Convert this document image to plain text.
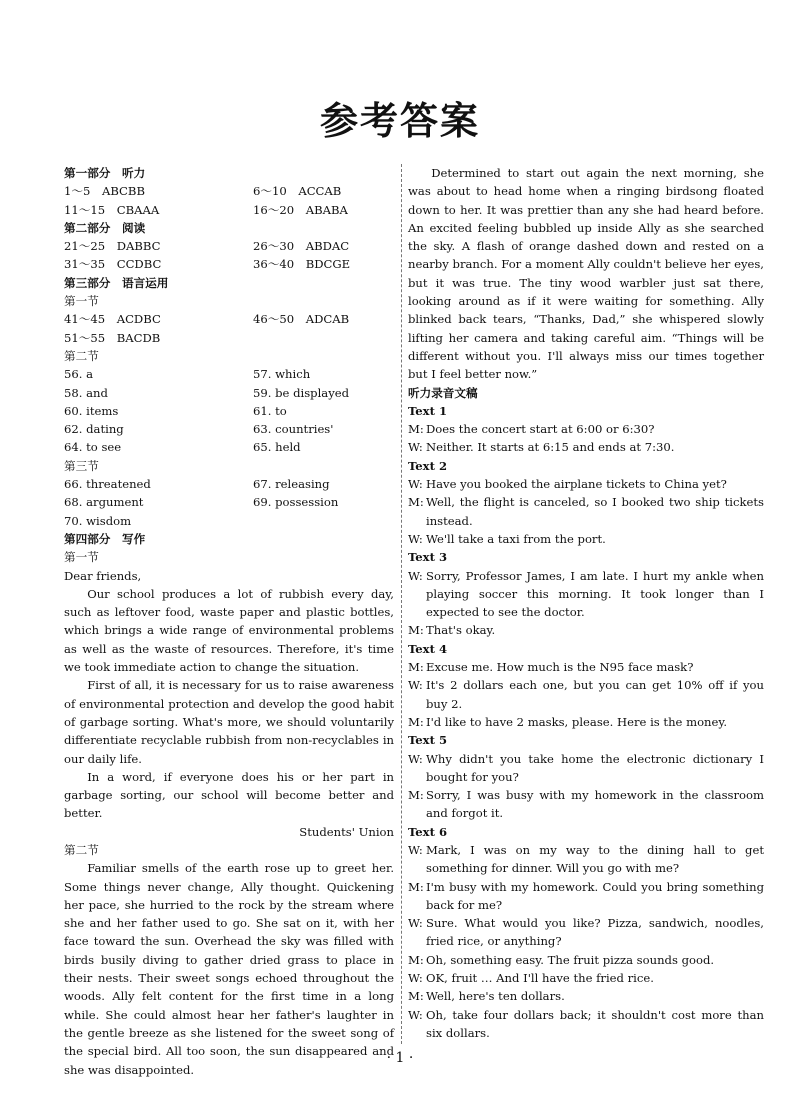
参考答案
第一部分　听力
1～5　ABCBB	6～10　ACCAB
11～15　CBAAA	16～20　ABABA
第二部分　阅读
21～25　DABBC	26～30　ABDAC
31～35　CCDBC	36～40　BDCGE
第三部分　语言运用
第一节
41～45　ACDBC	46～50　ADCAB
51～55　BACDB
第二节
56. a	57. which
58. and	59. be displayed
60. items	61. to
62. dating	63. countries'
64. to see	65. held
第三节
66. threatened	67. releasing
68. argument	69. possession
70. wisdom
第四部分　写作
第一节
Dear friends,
Our school produces a lot of rubbish every day, such as leftover food, waste paper and plastic bottles, which brings a wide range of environmental problems as well as the waste of resources. Therefore, it's time we took immediate action to change the situation.
First of all, it is necessary for us to raise awareness of environmental protection and develop the good habit of garbage sorting. What's more, we should voluntarily differentiate recyclable rubbish from non-recyclables in our daily life.
In a word, if everyone does his or her part in garbage sorting, our school will become better and better.
Students' Union
第二节
Familiar smells of the earth rose up to greet her. Some things never change, Ally thought. Quickening her pace, she hurried to the rock by the stream where she and her father used to go. She sat on it, with her face toward the sun. Overhead the sky was filled with birds busily diving to gather dried grass to place in their nests. Their sweet songs echoed throughout the woods. Ally felt content for the first time in a long while. She could almost hear her father's laughter in the gentle breeze as she listened for the sweet song of the special bird. All too soon, the sun disappeared and she was disappointed.
Determined to start out again the next morning, she was about to head home when a ringing birdsong floated down to her. It was prettier than any she had heard before. An excited feeling bubbled up inside Ally as she searched the sky. A flash of orange dashed down and rested on a nearby branch. For a moment Ally couldn't believe her eyes, but it was true. The tiny wood warbler just sat there, looking around as if it were waiting for something. Ally blinked back tears, “Thanks, Dad,” she whispered slowly lifting her camera and taking careful aim. “Things will be different without you. I'll always miss our times together but I feel better now.”
听力录音文稿
Text 1
M: Does the concert start at 6:00 or 6:30?
W: Neither. It starts at 6:15 and ends at 7:30.
Text 2
W: Have you booked the airplane tickets to China yet?
M: Well, the flight is canceled, so I booked two ship tickets instead.
W: We'll take a taxi from the port.
Text 3
W: Sorry, Professor James, I am late. I hurt my ankle when playing soccer this morning. It took longer than I expected to see the doctor.
M: That's okay.
Text 4
M: Excuse me. How much is the N95 face mask?
W: It's 2 dollars each one, but you can get 10% off if you buy 2.
M: I'd like to have 2 masks, please. Here is the money.
Text 5
W: Why didn't you take home the electronic dictionary I bought for you?
M: Sorry, I was busy with my homework in the classroom and forgot it.
Text 6
W: Mark, I was on my way to the dining hall to get something for dinner. Will you go with me?
M: I'm busy with my homework. Could you bring something back for me?
W: Sure. What would you like? Pizza, sandwich, noodles, fried rice, or anything?
M: Oh, something easy. The fruit pizza sounds good.
W: OK, fruit … And I'll have the fried rice.
M: Well, here's ten dollars.
W: Oh, take four dollars back; it shouldn't cost more than six dollars.
· 1 ·
